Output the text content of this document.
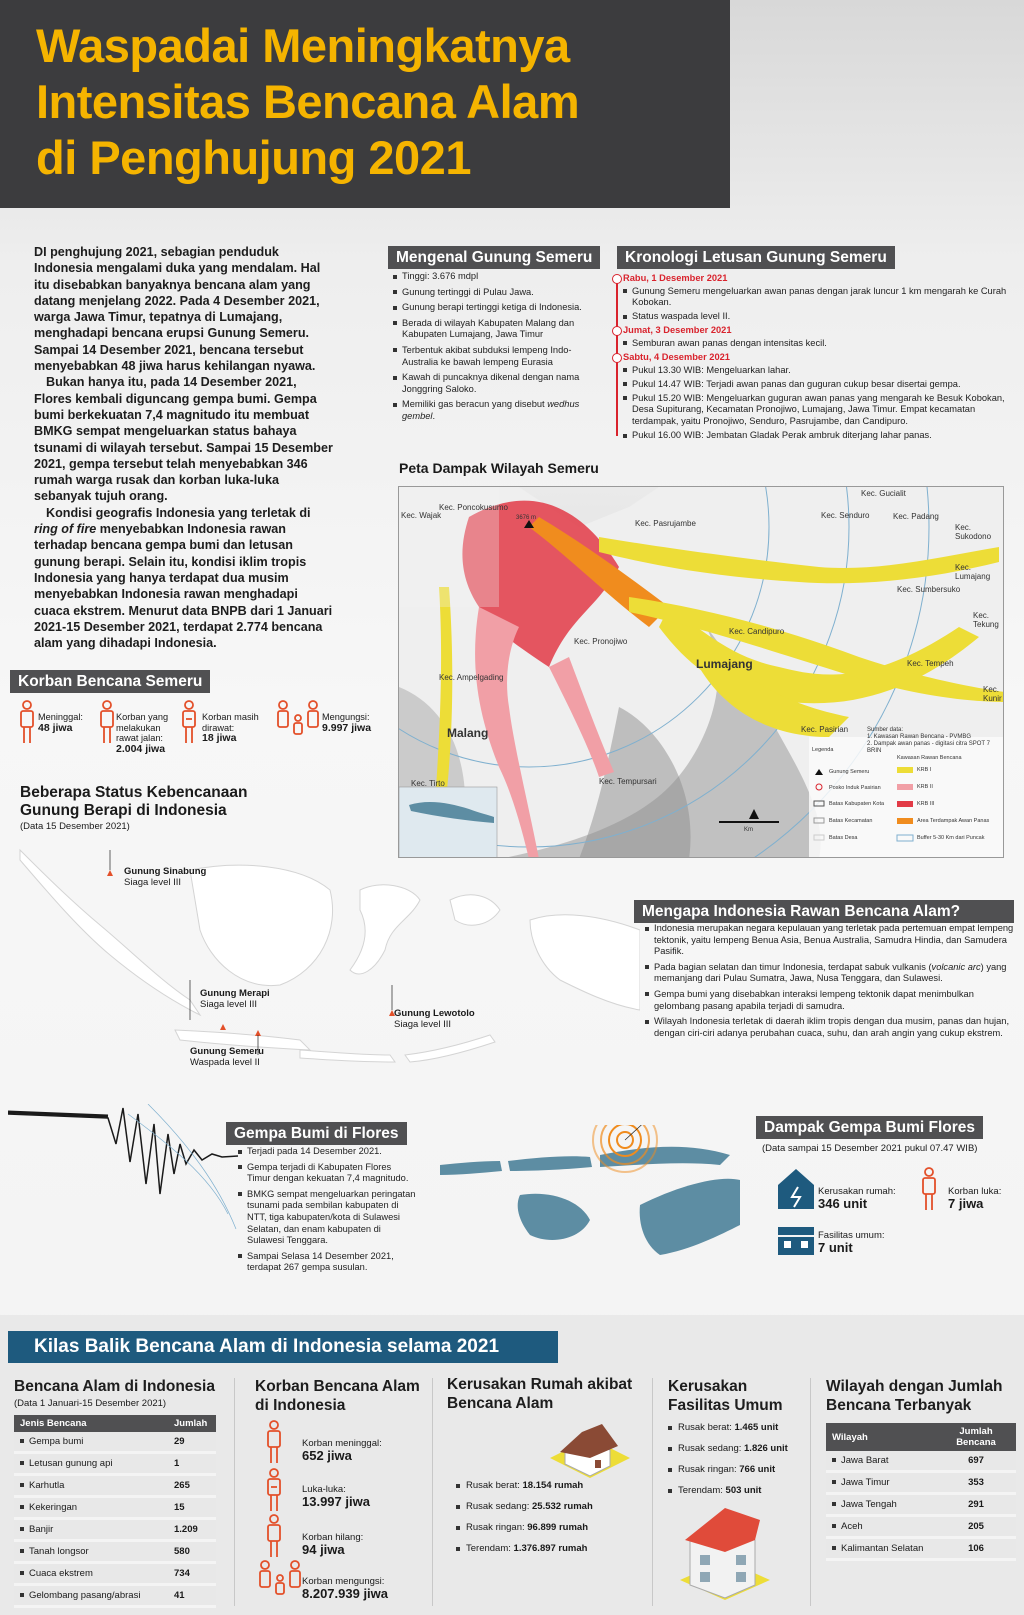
Waspadai Meningkatnya
Intensitas Bencana Alam
di Penghujung 2021

DI penghujung 2021, sebagian penduduk Indonesia mengalami duka yang mendalam. Hal itu disebabkan banyaknya bencana alam yang datang menjelang 2022. Pada 4 Desember 2021, warga Jawa Timur, tepatnya di Lumajang, menghadapi bencana erupsi Gunung Semeru. Sampai 14 Desember 2021, bencana tersebut menyebabkan 48 jiwa harus kehilangan nyawa.

Bukan hanya itu, pada 14 Desember 2021, Flores kembali diguncang gempa bumi. Gempa bumi berkekuatan 7,4 magnitudo itu membuat BMKG sempat mengeluarkan status bahaya tsunami di wilayah tersebut. Sampai 15 Desember 2021, gempa tersebut telah menyebabkan 346 rumah warga rusak dan korban luka-luka sebanyak tujuh orang.

Kondisi geografis Indonesia yang terletak di ring of fire menyebabkan Indonesia rawan terhadap bencana gempa bumi dan letusan gunung berapi. Selain itu, kondisi iklim tropis Indonesia yang hanya terdapat dua musim menyebabkan Indonesia rawan menghadapi cuaca ekstrem. Menurut data BNPB dari 1 Januari 2021-15 Desember 2021, terdapat 2.774 bencana alam yang dihadapi Indonesia.

Mengenal Gunung Semeru
Tinggi: 3.676 mdpl
Gunung tertinggi di Pulau Jawa.
Gunung berapi tertinggi ketiga di Indonesia.
Berada di wilayah Kabupaten Malang dan Kabupaten Lumajang, Jawa Timur
Terbentuk akibat subduksi lempeng Indo-Australia ke bawah lempeng Eurasia
Kawah di puncaknya dikenal dengan nama Jonggring Saloko.
Memiliki gas beracun yang disebut wedhus gembel.
Kronologi Letusan Gunung Semeru
Rabu, 1 Desember 2021
Gunung Semeru mengeluarkan awan panas dengan jarak luncur 1 km mengarah ke Curah Kobokan.
Status waspada level II.
Jumat, 3 Desember 2021
Semburan awan panas dengan intensitas kecil.
Sabtu, 4 Desember 2021
Pukul 13.30 WIB: Mengeluarkan lahar.
Pukul 14.47 WIB: Terjadi awan panas dan guguran cukup besar disertai gempa.
Pukul 15.20 WIB: Mengeluarkan guguran awan panas yang mengarah ke Besuk Kobokan, Desa Supiturang, Kecamatan Pronojiwo, Lumajang, Jawa Timur. Empat kecamatan terdampak, yaitu Pronojiwo, Senduro, Pasrujambe, dan Candipuro.
Pukul 16.00 WIB: Jembatan Gladak Perak ambruk diterjang lahar panas.
Peta Dampak Wilayah Semeru
Kec. Gucialit
Kec. Poncokusumo
Kec. Wajak
Kec. Pasrujambe
Kec. Senduro	Kec. Padang
Kec. Sukodono
Kec. Lumajang
Kec. Sumbersuko
Kec. Tekung
Kec. Candipuro
Kec. Pronojiwo
Kec. Tempeh
Kec. Kunir
Kec. Ampelgading
Kec. Pasirian
Kec. Tirto	Kec. Tempursari
Lumajang
Malang
3676 m
Sumber data:
1. Kawasan Rawan Bencana - PVMBG
2. Dampak awan panas - digitasi citra SPOT 7 BRIN
Legenda
Gunung Semeru
Posko Induk Pasirian
Batas Kabupaten Kota
Batas Kecamatan
Batas Desa
Kawasan Rawan Bencana
KRB I
KRB II
KRB III
Area Terdampak Awan Panas
Buffer 5-30 Km dari Puncak
Km
Korban Bencana Semeru
Meninggal:
48 jiwa
Korban yang melakukan rawat jalan:
2.004 jiwa
Korban masih dirawat:
18 jiwa
Mengungsi:
9.997 jiwa
Beberapa Status Kebencanaan Gunung Berapi di Indonesia
(Data 15 Desember 2021)
Gunung Sinabung
Siaga level III
Gunung Merapi
Siaga level III
Gunung Semeru
Waspada level II
Gunung Lewotolo
Siaga level III
Mengapa Indonesia Rawan Bencana Alam?
Indonesia merupakan negara kepulauan yang terletak pada pertemuan empat lempeng tektonik, yaitu lempeng Benua Asia, Benua Australia, Samudra Hindia, dan Samudera Pasifik.
Pada bagian selatan dan timur Indonesia, terdapat sabuk vulkanis (volcanic arc) yang memanjang dari Pulau Sumatra, Jawa, Nusa Tenggara, dan Sulawesi.
Gempa bumi yang disebabkan interaksi lempeng tektonik dapat menimbulkan gelombang pasang apabila terjadi di samudra.
Wilayah Indonesia terletak di daerah iklim tropis dengan dua musim, panas dan hujan, dengan ciri-ciri adanya perubahan cuaca, suhu, dan arah angin yang cukup ekstrem.
Gempa Bumi di Flores
Terjadi pada 14 Desember 2021.
Gempa terjadi di Kabupaten Flores Timur dengan kekuatan 7,4 magnitudo.
BMKG sempat mengeluarkan peringatan tsunami pada sembilan kabupaten di NTT, tiga kabupaten/kota di Sulawesi Selatan, dan enam kabupaten di Sulawesi Tenggara.
Sampai Selasa 14 Desember 2021, terdapat 267 gempa susulan.
Dampak Gempa Bumi Flores
(Data sampai 15 Desember 2021 pukul 07.47 WIB)
Kerusakan rumah:
346 unit
Korban luka:
7 jiwa
Fasilitas umum:
7 unit
Kilas Balik Bencana Alam di Indonesia selama 2021
Bencana Alam di Indonesia
(Data 1 Januari-15 Desember 2021)
Jenis Bencana	Jumlah
Gempa bumi	29
Letusan gunung api	1
Karhutla	265
Kekeringan	15
Banjir	1.209
Tanah longsor	580
Cuaca ekstrem	734
Gelombang pasang/abrasi	41
Korban Bencana Alam di Indonesia
Korban meninggal:
652 jiwa
Luka-luka:
13.997 jiwa
Korban hilang:
94 jiwa
Korban mengungsi:
8.207.939 jiwa
Kerusakan Rumah akibat Bencana Alam
Rusak berat: 18.154 rumah
Rusak sedang: 25.532 rumah
Rusak ringan: 96.899 rumah
Terendam: 1.376.897 rumah
Kerusakan Fasilitas Umum
Rusak berat: 1.465 unit
Rusak sedang: 1.826 unit
Rusak ringan: 766 unit
Terendam: 503 unit
Wilayah dengan Jumlah Bencana Terbanyak
Wilayah	Jumlah Bencana
Jawa Barat	697
Jawa Timur	353
Jawa Tengah	291
Aceh	205
Kalimantan Selatan	106
